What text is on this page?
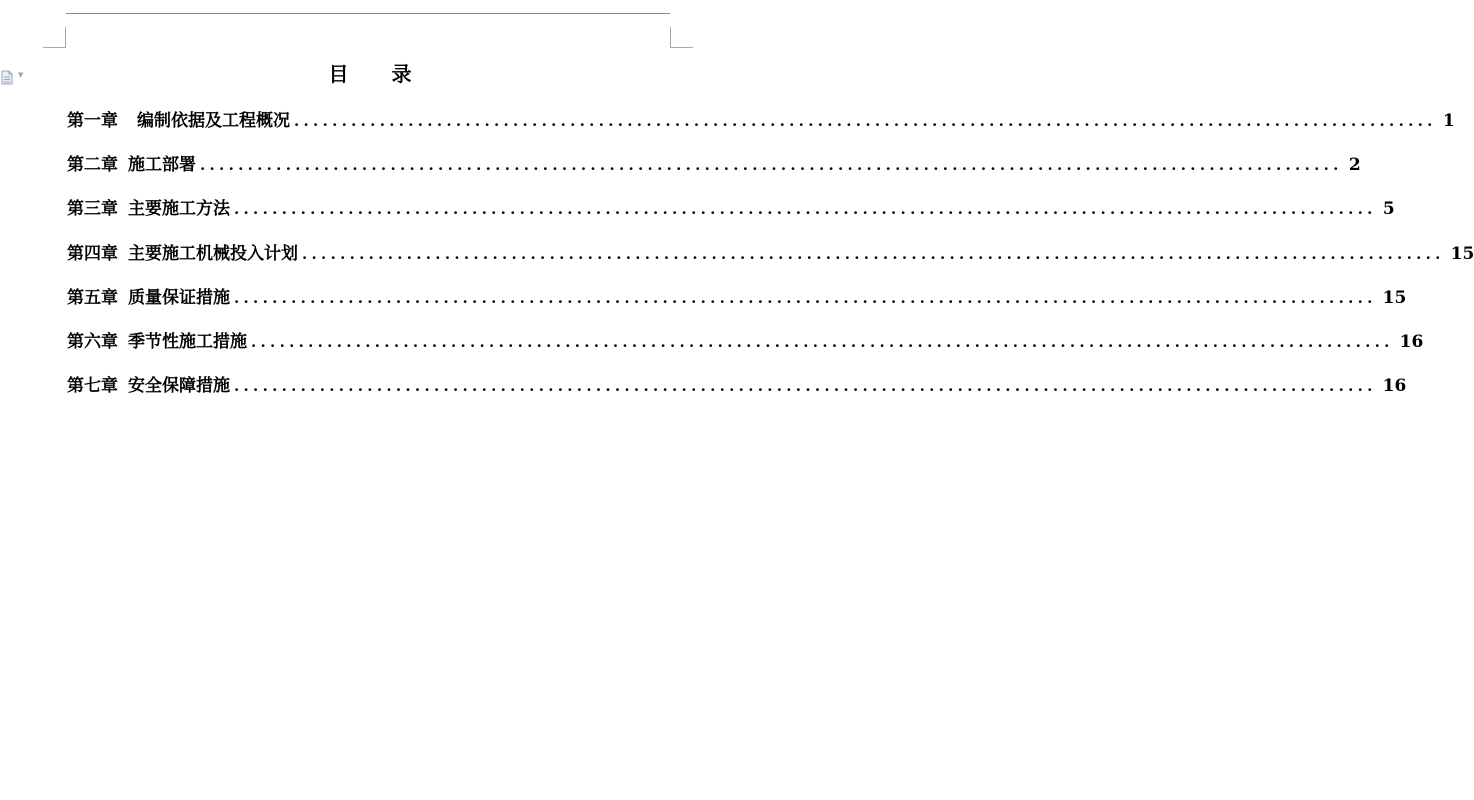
▼	目 录
第一章 编制依据及工程概况 ........................................................................................................................ 1
第二章 施工部署 ........................................................................................................................ 2
第三章 主要施工方法 ........................................................................................................................ 5
第四章 主要施工机械投入计划 ........................................................................................................................ 15
第五章 质量保证措施 ........................................................................................................................ 15
第六章 季节性施工措施 ........................................................................................................................ 16
第七章 安全保障措施 ........................................................................................................................ 16
